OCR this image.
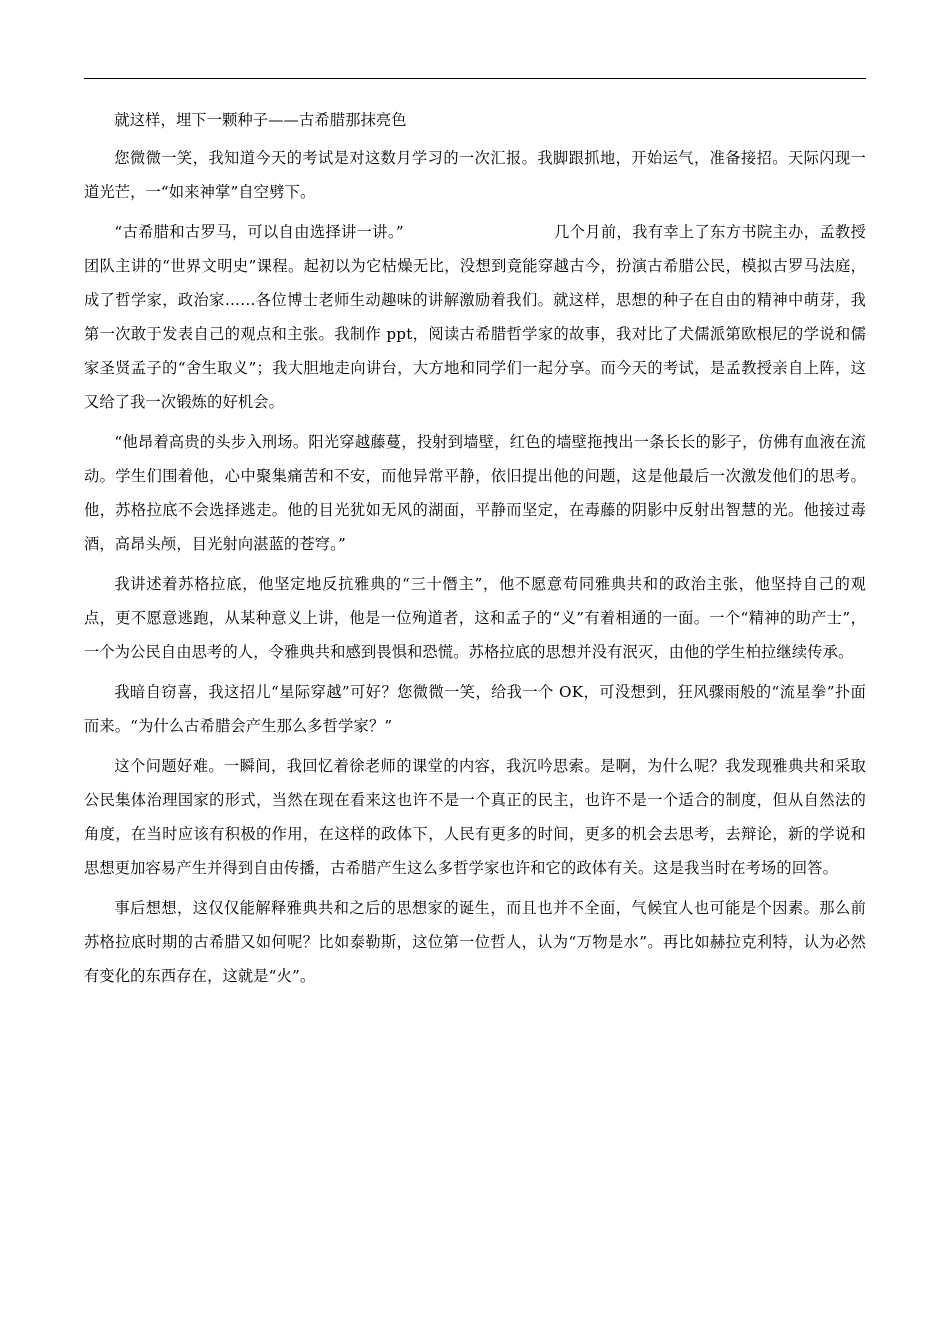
就这样，埋下一颗种子——古希腊那抹亮色

您微微一笑，我知道今天的考试是对这数月学习的一次汇报。我脚跟抓地，开始运气，准备接招。天际闪现一道光芒，一“如来神掌”自空劈下。

“古希腊和古罗马，可以自由选择讲一讲。”	几个月前，我有幸上了东方书院主办，孟教授团队主讲的“世界文明史”课程。起初以为它枯燥无比，没想到竟能穿越古今，扮演古希腊公民，模拟古罗马法庭，成了哲学家，政治家……各位博士老师生动趣味的讲解激励着我们。就这样，思想的种子在自由的精神中萌芽，我第一次敢于发表自己的观点和主张。我制作 ppt，阅读古希腊哲学家的故事，我对比了犬儒派第欧根尼的学说和儒家圣贤孟子的“舍生取义”；我大胆地走向讲台，大方地和同学们一起分享。而今天的考试，是孟教授亲自上阵，这又给了我一次锻炼的好机会。

“他昂着高贵的头步入刑场。阳光穿越藤蔓，投射到墙壁，红色的墙壁拖拽出一条长长的影子，仿佛有血液在流动。学生们围着他，心中聚集痛苦和不安，而他异常平静，依旧提出他的问题，这是他最后一次激发他们的思考。他，苏格拉底不会选择逃走。他的目光犹如无风的湖面，平静而坚定，在毒藤的阴影中反射出智慧的光。他接过毒酒，高昂头颅，目光射向湛蓝的苍穹。”

我讲述着苏格拉底，他坚定地反抗雅典的“三十僭主”，他不愿意苟同雅典共和的政治主张，他坚持自己的观点，更不愿意逃跑，从某种意义上讲，他是一位殉道者，这和孟子的“义”有着相通的一面。一个“精神的助产士”，一个为公民自由思考的人，令雅典共和感到畏惧和恐慌。苏格拉底的思想并没有泯灭，由他的学生柏拉继续传承。

我暗自窃喜，我这招儿“星际穿越”可好？您微微一笑，给我一个 OK，可没想到，狂风骤雨般的“流星拳”扑面而来。“为什么古希腊会产生那么多哲学家？”

这个问题好难。一瞬间，我回忆着徐老师的课堂的内容，我沉吟思索。是啊，为什么呢？我发现雅典共和采取公民集体治理国家的形式，当然在现在看来这也许不是一个真正的民主，也许不是一个适合的制度，但从自然法的角度，在当时应该有积极的作用，在这样的政体下，人民有更多的时间，更多的机会去思考，去辩论，新的学说和思想更加容易产生并得到自由传播，古希腊产生这么多哲学家也许和它的政体有关。这是我当时在考场的回答。

事后想想，这仅仅能解释雅典共和之后的思想家的诞生，而且也并不全面，气候宜人也可能是个因素。那么前苏格拉底时期的古希腊又如何呢？比如泰勒斯，这位第一位哲人，认为“万物是水”。再比如赫拉克利特，认为必然有变化的东西存在，这就是“火”。
